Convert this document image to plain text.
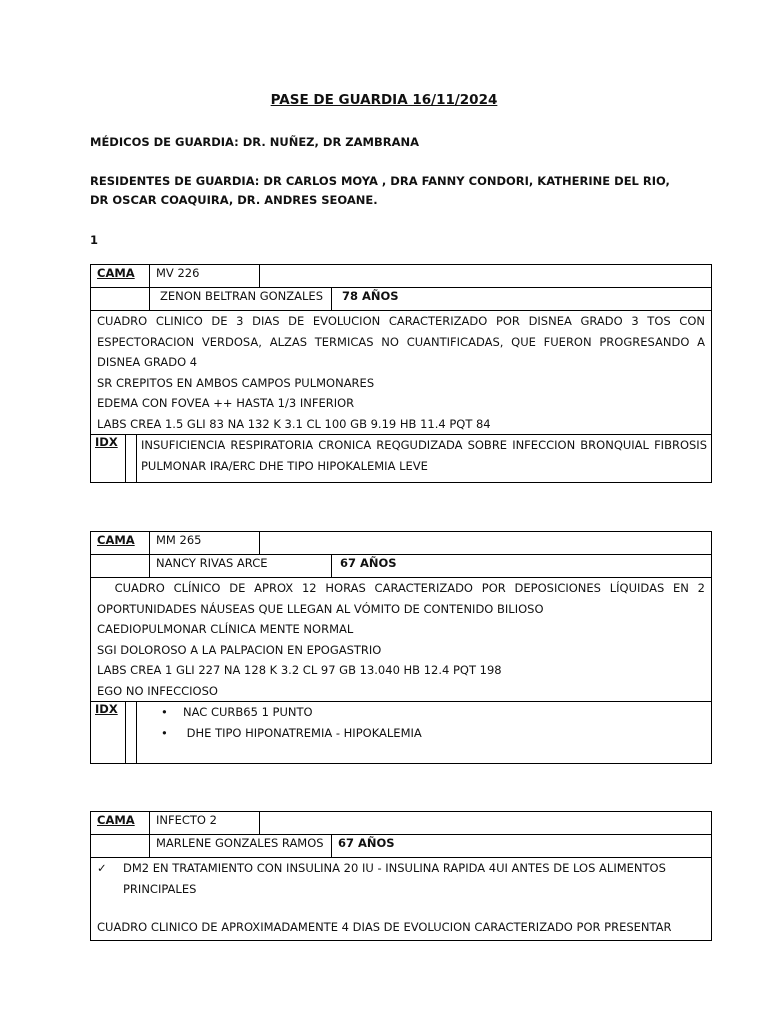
PASE DE GUARDIA 16/11/2024
MÉDICOS DE GUARDIA: DR. NUÑEZ, DR ZAMBRANA
RESIDENTES DE GUARDIA: DR CARLOS MOYA , DRA FANNY CONDORI, KATHERINE DEL RIO,
DR OSCAR COAQUIRA, DR. ANDRES SEOANE.
1
CAMA	MV 226
ZENON BELTRAN GONZALES	78 AÑOS
CUADRO CLINICO DE 3 DIAS DE EVOLUCION CARACTERIZADO POR DISNEA GRADO 3 TOS CON ESPECTORACION VERDOSA, ALZAS TERMICAS NO CUANTIFICADAS, QUE FUERON PROGRESANDO A DISNEA GRADO 4
SR CREPITOS EN AMBOS CAMPOS PULMONARES
EDEMA CON FOVEA ++ HASTA 1/3 INFERIOR
LABS CREA 1.5 GLI 83 NA 132 K 3.1 CL 100 GB 9.19 HB 11.4 PQT 84
IDX	INSUFICIENCIA RESPIRATORIA CRONICA REQGUDIZADA SOBRE INFECCION BRONQUIAL FIBROSIS PULMONAR IRA/ERC DHE TIPO HIPOKALEMIA LEVE
CAMA	MM 265
NANCY RIVAS ARCE	67 AÑOS
CUADRO CLÍNICO DE APROX 12 HORAS CARACTERIZADO POR DEPOSICIONES LÍQUIDAS EN 2 OPORTUNIDADES NÁUSEAS QUE LLEGAN AL VÓMITO DE CONTENIDO BILIOSO
CAEDIOPULMONAR CLÍNICA MENTE NORMAL
SGI DOLOROSO A LA PALPACION EN EPOGASTRIO
LABS CREA 1 GLI 227 NA 128 K 3.2 CL 97 GB 13.040 HB 12.4 PQT 198
EGO NO INFECCIOSO
IDX
•	NAC CURB65 1 PUNTO
•  DHE TIPO HIPONATREMIA - HIPOKALEMIA
CAMA	INFECTO 2
MARLENE GONZALES RAMOS	67 AÑOS
✓	DM2 EN TRATAMIENTO CON INSULINA 20 IU - INSULINA RAPIDA 4UI ANTES DE LOS ALIMENTOS
PRINCIPALES
CUADRO CLINICO DE APROXIMADAMENTE 4 DIAS DE EVOLUCION CARACTERIZADO POR PRESENTAR
